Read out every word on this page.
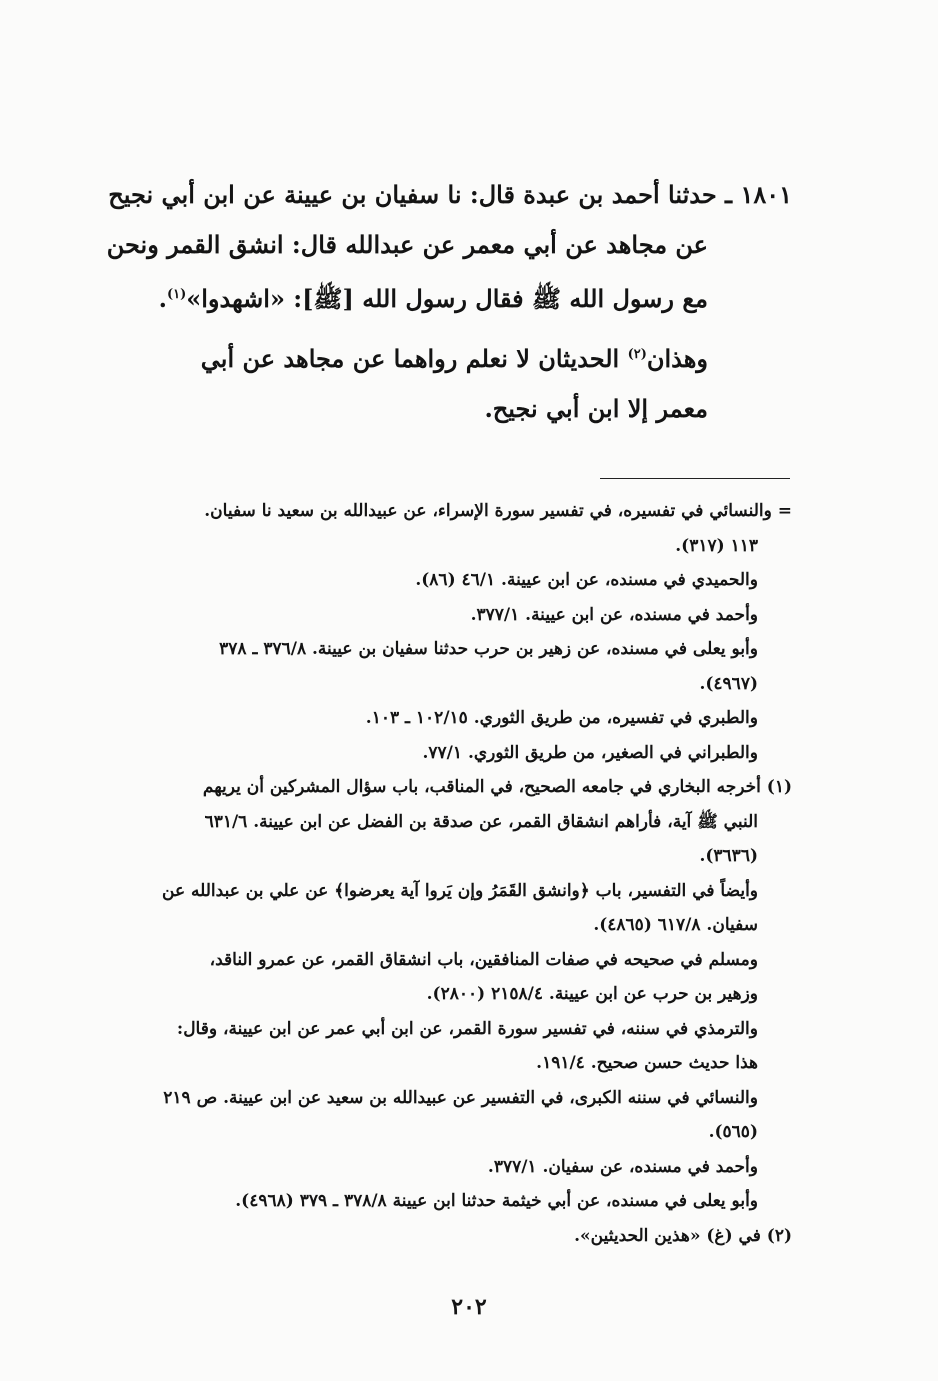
١٨٠١ ـ حدثنا أحمد بن عبدة قال: نا سفيان بن عيينة عن ابن أبي نجيح

عن مجاهد عن أبي معمر عن عبدالله قال: انشق القمر ونحن

مع رسول الله ﷺ فقال رسول الله [ﷺ]: «اشهدوا»$^{(١)}$.

وهذان$^{(٢)}$ الحديثان لا نعلم رواهما عن مجاهد عن أبي

معمر إلا ابن أبي نجيح.

= والنسائي في تفسيره، في تفسير سورة الإسراء، عن عبيدالله بن سعيد نا سفيان.
١١٣ (٣١٧).
والحميدي في مسنده، عن ابن عيينة. ٤٦/١ (٨٦).
وأحمد في مسنده، عن ابن عيينة. ٣٧٧/١.
وأبو يعلى في مسنده، عن زهير بن حرب حدثنا سفيان بن عيينة. ٣٧٦/٨ ـ ٣٧٨
(٤٩٦٧).
والطبري في تفسيره، من طريق الثوري. ١٠٢/١٥ ـ ١٠٣.
والطبراني في الصغير، من طريق الثوري. ٧٧/١.
(١) أخرجه البخاري في جامعه الصحيح، في المناقب، باب سؤال المشركين أن يريهم
النبي ﷺ آية، فأراهم انشقاق القمر، عن صدقة بن الفضل عن ابن عيينة. ٦٣١/٦
(٣٦٣٦).
وأيضاً في التفسير، باب ﴿وانشق القَمَرُ وإن يَروا آية يعرضوا﴾ عن علي بن عبدالله عن
سفيان. ٦١٧/٨ (٤٨٦٥).
ومسلم في صحيحه في صفات المنافقين، باب انشقاق القمر، عن عمرو الناقد،
وزهير بن حرب عن ابن عيينة. ٢١٥٨/٤ (٢٨٠٠).
والترمذي في سننه، في تفسير سورة القمر، عن ابن أبي عمر عن ابن عيينة، وقال:
هذا حديث حسن صحيح. ١٩١/٤.
والنسائي في سننه الكبرى، في التفسير عن عبيدالله بن سعيد عن ابن عيينة. ص ٢١٩
(٥٦٥).
وأحمد في مسنده، عن سفيان. ٣٧٧/١.
وأبو يعلى في مسنده، عن أبي خيثمة حدثنا ابن عيينة ٣٧٨/٨ ـ ٣٧٩ (٤٩٦٨).
(٢) في (غ) «هذين الحديثين».
٢٠٢
